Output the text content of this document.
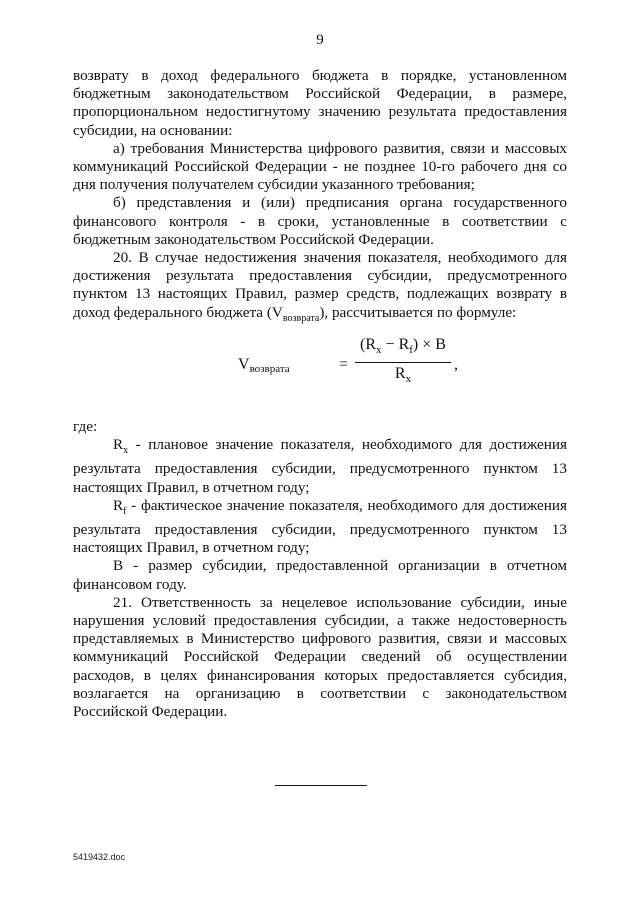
9

возврату в доход федерального бюджета в порядке, установленном бюджетным законодательством Российской Федерации, в размере, пропорциональном недостигнутому значению результата предоставления субсидии, на основании:

а) требования Министерства цифрового развития, связи и массовых коммуникаций Российской Федерации - не позднее 10-го рабочего дня со дня получения получателем субсидии указанного требования;

б) представления и (или) предписания органа государственного финансового контроля - в сроки, установленные в соответствии с бюджетным законодательством Российской Федерации.

20. В случае недостижения значения показателя, необходимого для достижения результата предоставления субсидии, предусмотренного пунктом 13 настоящих Правил, размер средств, подлежащих возврату в доход федерального бюджета $(V_{возврата})$, рассчитывается по формуле:

$V_{возврата}$	= $\frac{(R_x - R_f) \times B}{R_x}$ ,

где:

$R_x$ - плановое значение показателя, необходимого для достижения результата предоставления субсидии, предусмотренного пунктом 13 настоящих Правил, в отчетном году;

$R_f$ - фактическое значение показателя, необходимого для достижения результата предоставления субсидии, предусмотренного пунктом 13 настоящих Правил, в отчетном году;

В - размер субсидии, предоставленной организации в отчетном финансовом году.

21. Ответственность за нецелевое использование субсидии, иные нарушения условий предоставления субсидии, а также недостоверность представляемых в Министерство цифрового развития, связи и массовых коммуникаций Российской Федерации сведений об осуществлении расходов, в целях финансирования которых предоставляется субсидия, возлагается на организацию в соответствии с законодательством Российской Федерации.

5419432.doc
